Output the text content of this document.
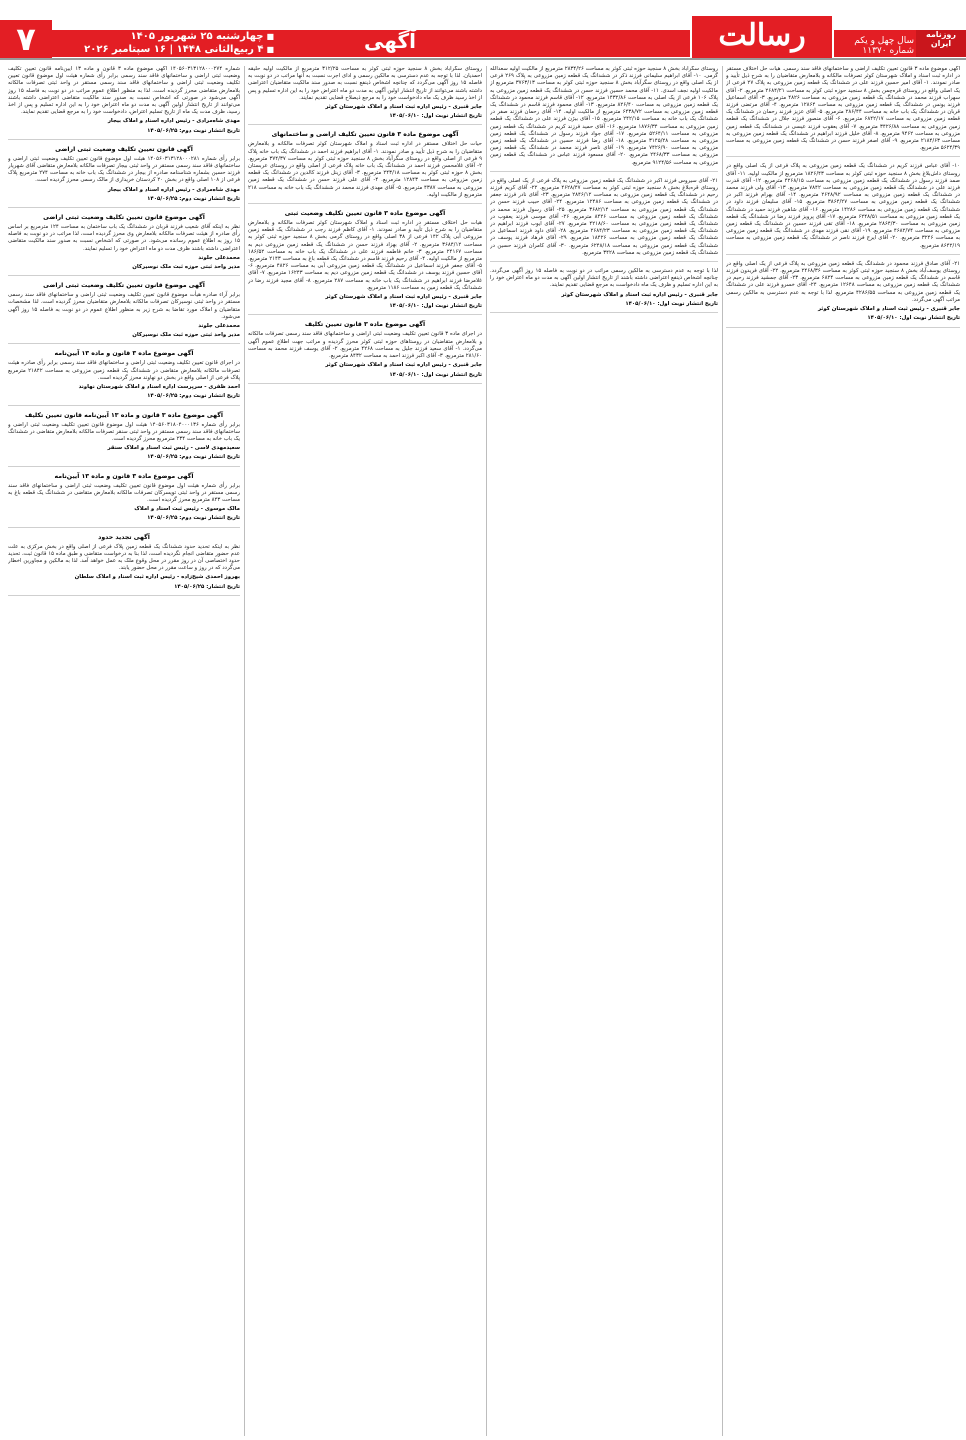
۷	■چهارشنبه ۲۵ شهریور ۱۴۰۵
■۴ ربیع‌الثانی ۱۴۴۸ | ۱۶ سپتامبر ۲۰۲۶	آگهی	رسالت	سال چهل و یکم
شماره ۱۱۳۷۰
روزنامه ایران

شماره ۱۴۰۵۶۰۳۱۳۱۲۸۰۰۰۲۷۴ آگهی موضوع ماده ۳ قانون و ماده ۱۳ آیین‌نامه قانون تعیین تکلیف وضعیت ثبتی اراضی و ساختمانهای فاقد سند رسمی برابر رأی شماره هیئت اول موضوع قانون تعیین تکلیف وضعیت ثبتی اراضی و ساختمانهای فاقد سند رسمی مستقر در واحد ثبتی تصرفات مالکانه بلامعارض متقاضی محرز گردیده است. لذا به منظور اطلاع عموم مراتب در دو نوبت به فاصله ۱۵ روز آگهی می‌شود در صورتی که اشخاص نسبت به صدور سند مالکیت متقاضی اعتراضی داشته باشند می‌توانند از تاریخ انتشار اولین آگهی به مدت دو ماه اعتراض خود را به این اداره تسلیم و پس از اخذ رسید، ظرف مدت یک ماه از تاریخ تسلیم اعتراض، دادخواست خود را به مرجع قضایی تقدیم نمایند.

مهدی شاه‌مرادی - رئیس اداره اسناد و املاک بیجار
تاریخ انتشار نوبت دوم: ۱۴۰۵/۰۶/۲۵
آگهی قانون تعیین تکلیف وضعیت ثبتی اراضی

برابر رأی شماره ۱۴۰۵۶۰۳۱۳۱۲۸۰۰۰۲۸۱ هیئت اول موضوع قانون تعیین تکلیف وضعیت ثبتی اراضی و ساختمانهای فاقد سند رسمی مستقر در واحد ثبتی بیجار تصرفات مالکانه بلامعارض متقاضی آقای شهریار فرزند حسین بشماره شناسنامه صادره از بیجار در ششدانگ یک باب خانه به مساحت ۲۷۴ مترمربع پلاک فرعی از ۱۰۸ اصلی واقع در بخش ۲۰ کردستان خریداری از مالک رسمی محرز گردیده است.

مهدی شاه‌مرادی - رئیس اداره اسناد و املاک بیجار
تاریخ انتشار نوبت دوم: ۱۴۰۵/۰۶/۲۵
آگهی موضوع قانون تعیین تکلیف وضعیت ثبتی اراضی

نظر به اینکه آقای شعیب فرزند قربان در ششدانگ یک باب ساختمان به مساحت ۱۲۴ مترمربع بر اساس رأی صادره از هیئت تصرفات مالکانه بلامعارض وی محرز گردیده است، لذا مراتب در دو نوبت به فاصله ۱۵ روز به اطلاع عموم رسانده می‌شود. در صورتی که اشخاص نسبت به صدور سند مالکیت متقاضی اعتراضی داشته باشند ظرف مدت دو ماه اعتراض خود را تسلیم نمایند.

محمدعلی جلوند
مدیر واحد ثبتی حوزه ثبت ملک نوسیرکان
آگهی موضوع قانون تعیین تکلیف وضعیت ثبتی اراضی

برابر آراء صادره هیأت موضوع قانون تعیین تکلیف وضعیت ثبتی اراضی و ساختمانهای فاقد سند رسمی مستقر در واحد ثبتی نوسیرکان تصرفات مالکانه بلامعارض متقاضیان محرز گردیده است. لذا مشخصات متقاضیان و املاک مورد تقاضا به شرح زیر به منظور اطلاع عموم در دو نوبت به فاصله ۱۵ روز آگهی می‌شود.

محمدعلی جلوند
مدیر واحد ثبتی حوزه ثبت ملک نوسیرکان
آگهی موضوع ماده ۳ قانون و ماده ۱۳ آیین‌نامه

در اجرای قانون تعیین تکلیف وضعیت ثبتی اراضی و ساختمانهای فاقد سند رسمی برابر رأی صادره هیئت تصرفات مالکانه بلامعارض متقاضی در ششدانگ یک قطعه زمین مزروعی به مساحت ۲۱۸۴۲ مترمربع پلاک فرعی از اصلی واقع در بخش دو نهاوند محرز گردیده است.

احمد ظفری - سرپرست اداره اسناد و املاک شهرستان نهاوند
تاریخ انتشار نوبت دوم: ۱۴۰۵/۰۶/۲۵
آگهی موضوع ماده ۳ قانون و ماده ۱۳ آیین‌نامه قانون تعیین تکلیف

برابر رأی شماره ۱۴۰۵۶۰۳۱۸۰۴۰۰۰۱۳۶ هیئت اول موضوع قانون تعیین تکلیف وضعیت ثبتی اراضی و ساختمانهای فاقد سند رسمی مستقر در واحد ثبتی سنقر تصرفات مالکانه بلامعارض متقاضی در ششدانگ یک باب خانه به مساحت ۲۳۴ مترمربع محرز گردیده است.

سعیدمهدی لاسی - رئیس ثبت اسناد و املاک سنقر
تاریخ انتشار نوبت دوم: ۱۴۰۵/۰۶/۲۵
آگهی موضوع ماده ۳ قانون و ماده ۱۳ آیین‌نامه

برابر رأی شماره هیئت اول موضوع قانون تعیین تکلیف وضعیت ثبتی اراضی و ساختمانهای فاقد سند رسمی مستقر در واحد ثبتی تویسرکان تصرفات مالکانه بلامعارض متقاضی در ششدانگ یک قطعه باغ به مساحت ۸۴۳ مترمربع محرز گردیده است.

مالک موسوی - رئیس ثبت اسناد و املاک
تاریخ انتشار نوبت دوم: ۱۴۰۵/۰۶/۲۵
آگهی تجدید حدود

نظر به اینکه تحدید حدود ششدانگ یک قطعه زمین پلاک فرعی از اصلی واقع در بخش مرکزی به علت عدم حضور متقاضی انجام نگردیده است، لذا بنا به درخواست متقاضی و طبق ماده ۱۵ قانون ثبت، تحدید حدود اختصاصی آن در روز مقرر در محل وقوع ملک به عمل خواهد آمد. لذا به مالکین و مجاورین اخطار می‌گردد که در روز و ساعت مقرر در محل حضور یابند.

بهروز احمدی شیخ‌زاده - رئیس اداره ثبت اسناد و املاک سلطان
تاریخ انتشار: ۱۴۰۵/۰۶/۲۵

روستای سگرآباد بخش ۸ سنجید حوزه ثبتی کوثر به مساحت ۳۱۲/۲۵ مترمربع از مالکیت اولیه حلیقه احمدیان. لذا با توجه به عدم دسترسی به مالکین رسمی و ادای اجرت نسبت به آنها مراتب در دو نوبت به فاصله ۱۵ روز آگهی می‌گردد که چنانچه اشخاص ذینفع نسبت به صدور سند مالکیت متقاضیان اعتراضی داشته باشند می‌توانند از تاریخ انتشار اولین آگهی به مدت دو ماه اعتراض خود را به این اداره تسلیم و پس از اخذ رسید ظرف یک ماه دادخواست خود را به مرجع ذیصلاح قضایی تقدیم نمایند.

جابر قنبری - رئیس اداره ثبت اسناد و املاک شهرستان کوثر
تاریخ انتشار نوبت اول: ۱۴۰۵/۰۶/۱۰
آگهی موضوع ماده ۳ قانون تعیین تکلیف اراضی و ساختمانهای

حیات حل اختلاف مستقر در اداره ثبت اسناد و املاک شهرستان کوثر تصرفات مالکانه و بلامعارض متقاضیان را به شرح ذیل تأیید و صادر نمودند. ۱- آقای ابراهیم فرزند احمد در ششدانگ یک باب خانه پلاک ۹ فرعی از اصلی واقع در روستای سگرآباد بخش ۸ سنجید حوزه ثبتی کوثر به مساحت ۳۷۴/۳۷ مترمربع. ۲- آقای غلامحسن فرزند احمد در ششدانگ یک باب خانه پلاک فرعی از اصلی واقع در روستای عربستان بخش ۸ حوزه ثبتی کوثر به مساحت ۲۴۳/۱۸ مترمربع. ۳- آقای زینل فرزند کالدین در ششدانگ یک قطعه زمین مزروعی به مساحت ۱۲۸۴۳ مترمربع. ۴- آقای علی فرزند حسن در ششدانگ یک قطعه زمین مزروعی به مساحت ۴۳۸۷ مترمربع. ۵- آقای مهدی فرزند محمد در ششدانگ یک باب خانه به مساحت ۲۱۸ مترمربع از مالکیت اولیه.

آگهی موضوع ماده ۳ قانون تعیین تکلیف وضعیت ثبتی

هیات حل اختلاف مستقر در اداره ثبت اسناد و املاک شهرستان کوثر تصرفات مالکانه و بلامعارض متقاضیان را به شرح ذیل تأیید و صادر نمودند. ۱- آقای کاظم فرزند رجب در ششدانگ یک قطعه زمین مزروعی آبی پلاک ۱۴۲ فرعی از ۳۸ اصلی واقع در روستای گرمی بخش ۸ سنجید حوزه ثبتی کوثر به مساحت ۳۶۸۴/۱۲ مترمربع. ۲- آقای بهزاد فرزند حسن در ششدانگ یک قطعه زمین مزروعی دیم به مساحت ۲۴۱۶۷ مترمربع. ۳- خانم فاطمه فرزند علی در ششدانگ یک باب خانه به مساحت ۱۸۶/۵۲ مترمربع از مالکیت اولیه. ۴- آقای رحیم فرزند قاسم در ششدانگ یک قطعه باغ به مساحت ۲۱۴۳ مترمربع. ۵- آقای جعفر فرزند اسماعیل در ششدانگ یک قطعه زمین مزروعی آبی به مساحت ۴۸۲۶ مترمربع. ۶- آقای حسین فرزند یوسف در ششدانگ یک قطعه زمین مزروعی دیم به مساحت ۱۶۲۴۳ مترمربع. ۷- آقای غلامرضا فرزند ابراهیم در ششدانگ یک باب خانه به مساحت ۲۸۷ مترمربع. ۸- آقای مجید فرزند رضا در ششدانگ یک قطعه زمین به مساحت ۱۱۸۶ مترمربع.

جابر قنبری - رئیس اداره ثبت اسناد و املاک شهرستان کوثر
تاریخ انتشار نوبت اول: ۱۴۰۵/۰۶/۱۰
آگهی موضوع ماده ۳ قانون تعیین تکلیف

در اجرای ماده ۳ قانون تعیین تکلیف وضعیت ثبتی اراضی و ساختمانهای فاقد سند رسمی تصرفات مالکانه و بلامعارض متقاضیان در روستاهای حوزه ثبتی کوثر محرز گردیده و مراتب جهت اطلاع عموم آگهی می‌گردد. ۱- آقای سعید فرزند جلیل به مساحت ۴۲۶۸ مترمربع. ۲- آقای یوسف فرزند محمد به مساحت ۲۸۱/۶۰ مترمربع. ۳- آقای اکبر فرزند احمد به مساحت ۸۴۳۲ مترمربع.

جابر قنبری - رئیس اداره ثبت اسناد و املاک شهرستان کوثر
تاریخ انتشار نوبت اول: ۱۴۰۵/۰۶/۱۰

روستای سگرآباد بخش ۸ سنجید حوزه ثبتی کوثر به مساحت ۲۸۳۴/۲۶ مترمربع از مالکیت اولیه سعدالله گرمی. ۱۰- آقای ابراهیم سلیمانی فرزند ذکر در ششدانگ یک قطعه زمین مزروعی به پلاک ۲۶۹ فرعی از یک اصلی واقع در روستای سگرآباد بخش ۸ سنجید حوزه ثبتی کوثر به مساحت ۳۷۶۳/۱۳ مترمربع از مالکیت اولیه نجف اسدی. ۱۱- آقای محمد حسین فرزند حسن در ششدانگ یک قطعه زمین مزروعی به پلاک ۱۰۶ فرعی از یک اصلی به مساحت ۱۴۳۲/۸۶ مترمربع. ۱۲- آقای قاسم فرزند محمود در ششدانگ یک قطعه زمین مزروعی به مساحت ۸۲۶/۴۰ مترمربع. ۱۳- آقای محمود فرزند قاسم در ششدانگ یک قطعه زمین مزروعی به مساحت ۶۴۳۸/۷۲ مترمربع از مالکیت اولیه. ۱۴- آقای رحمان فرزند صفر در ششدانگ یک باب خانه به مساحت ۲۴۲/۱۵ مترمربع. ۱۵- آقای بیژن فرزند علی در ششدانگ یک قطعه زمین مزروعی به مساحت ۱۸۷۶/۳۴ مترمربع. ۱۶- آقای حمید فرزند کریم در ششدانگ یک قطعه زمین مزروعی به مساحت ۵۲۶۴/۱۱ مترمربع. ۱۷- آقای جواد فرزند رسول در ششدانگ یک قطعه زمین مزروعی به مساحت ۳۱۴۵/۲۸ مترمربع. ۱۸- آقای رضا فرزند حسین در ششدانگ یک قطعه زمین مزروعی به مساحت ۷۴۲۶/۹۰ مترمربع. ۱۹- آقای ناصر فرزند محمد در ششدانگ یک قطعه زمین مزروعی به مساحت ۲۴۶۸/۳۳ مترمربع. ۲۰- آقای مسعود فرزند عباس در ششدانگ یک قطعه زمین مزروعی به مساحت ۹۱۲۴/۵۶ مترمربع.

۲۱- آقای سیروس فرزند اکبر در ششدانگ یک قطعه زمین مزروعی به پلاک فرعی از یک اصلی واقع در روستای قره‌بلاغ بخش ۸ سنجید حوزه ثبتی کوثر به مساحت ۴۶۲۸/۴۷ مترمربع. ۲۲- آقای کریم فرزند رحیم در ششدانگ یک قطعه زمین مزروعی به مساحت ۲۸۴۶/۱۲ مترمربع. ۲۳- آقای نادر فرزند جعفر در ششدانگ یک قطعه زمین مزروعی به مساحت ۱۲۴۸۶ مترمربع. ۲۴- آقای حبیب فرزند حسن در ششدانگ یک قطعه زمین مزروعی به مساحت ۳۶۸۲/۱۴ مترمربع. ۲۵- آقای رسول فرزند محمد در ششدانگ یک قطعه زمین مزروعی به مساحت ۸۴۲۶ مترمربع. ۲۶- آقای موسی فرزند یعقوب در ششدانگ یک قطعه زمین مزروعی به مساحت ۴۲۱۸/۶۰ مترمربع. ۲۷- آقای ایوب فرزند ابراهیم در ششدانگ یک قطعه زمین مزروعی به مساحت ۲۶۸۴/۲۳ مترمربع. ۲۸- آقای داود فرزند اسماعیل در ششدانگ یک قطعه زمین مزروعی به مساحت ۱۸۴۲۶ مترمربع. ۲۹- آقای فرهاد فرزند یوسف در ششدانگ یک قطعه زمین مزروعی به مساحت ۶۲۴۸/۱۸ مترمربع. ۳۰- آقای کامران فرزند حسین در ششدانگ یک قطعه زمین مزروعی به مساحت ۳۴۲۸ مترمربع.

لذا با توجه به عدم دسترسی به مالکین رسمی مراتب در دو نوبت به فاصله ۱۵ روز آگهی می‌گردد. چنانچه اشخاص ذینفع اعتراضی داشته باشند از تاریخ انتشار اولین آگهی به مدت دو ماه اعتراض خود را به این اداره تسلیم و ظرف یک ماه دادخواست به مرجع قضایی تقدیم نمایند.

جابر قنبری - رئیس اداره ثبت اسناد و املاک شهرستان کوثر
تاریخ انتشار نوبت اول: ۱۴۰۵/۰۶/۱۰

آگهی موضوع ماده ۳ قانون تعیین تکلیف اراضی و ساختمانهای فاقد سند رسمی. هیات حل اختلاف مستقر در اداره ثبت اسناد و املاک شهرستان کوثر تصرفات مالکانه و بلامعارض متقاضیان را به شرح ذیل تأیید و صادر نمودند. ۱- آقای امیر حسین فرزند علی در ششدانگ یک قطعه زمین مزروعی به پلاک ۲۷ فرعی از یک اصلی واقع در روستای قره‌چمن بخش ۸ سنجید حوزه ثبتی کوثر به مساحت ۲۶۸۴/۲۱ مترمربع. ۲- آقای سهراب فرزند محمد در ششدانگ یک قطعه زمین مزروعی به مساحت ۴۸۲۶ مترمربع. ۳- آقای اسماعیل فرزند یونس در ششدانگ یک قطعه زمین مزروعی به مساحت ۱۲۸۶۴ مترمربع. ۴- آقای مرتضی فرزند قربان در ششدانگ یک باب خانه به مساحت ۲۸۶/۴۴ مترمربع. ۵- آقای عزیز فرزند رحمان در ششدانگ یک قطعه زمین مزروعی به مساحت ۶۸۴۲/۱۷ مترمربع. ۶- آقای منصور فرزند جلال در ششدانگ یک قطعه زمین مزروعی به مساحت ۳۴۲۶/۸۸ مترمربع. ۷- آقای یعقوب فرزند عیسی در ششدانگ یک قطعه زمین مزروعی به مساحت ۹۴۶۲ مترمربع. ۸- آقای خلیل فرزند ابراهیم در ششدانگ یک قطعه زمین مزروعی به مساحت ۲۱۸۴/۶۳ مترمربع. ۹- آقای اصغر فرزند حسن در ششدانگ یک قطعه زمین مزروعی به مساحت ۵۶۲۴/۳۹ مترمربع.

۱۰- آقای عباس فرزند کریم در ششدانگ یک قطعه زمین مزروعی به پلاک فرعی از یک اصلی واقع در روستای داش‌بلاغ بخش ۸ سنجید حوزه ثبتی کوثر به مساحت ۱۸۲۶/۴۳ مترمربع از مالکیت اولیه. ۱۱- آقای صمد فرزند رسول در ششدانگ یک قطعه زمین مزروعی به مساحت ۴۲۶۸/۱۵ مترمربع. ۱۲- آقای قدرت فرزند علی در ششدانگ یک قطعه زمین مزروعی به مساحت ۷۸۴۲ مترمربع. ۱۳- آقای ولی فرزند محمد در ششدانگ یک قطعه زمین مزروعی به مساحت ۲۶۴۸/۹۲ مترمربع. ۱۴- آقای بهرام فرزند اکبر در ششدانگ یک قطعه زمین مزروعی به مساحت ۳۸۶۴/۲۷ مترمربع. ۱۵- آقای سلیمان فرزند داود در ششدانگ یک قطعه زمین مزروعی به مساحت ۱۴۲۸۶ مترمربع. ۱۶- آقای شاهین فرزند حمید در ششدانگ یک قطعه زمین مزروعی به مساحت ۶۲۴۸/۵۱ مترمربع. ۱۷- آقای پرویز فرزند رضا در ششدانگ یک قطعه زمین مزروعی به مساحت ۲۸۶۴/۳۰ مترمربع. ۱۸- آقای تقی فرزند حسین در ششدانگ یک قطعه زمین مزروعی به مساحت ۴۶۸۲/۷۴ مترمربع. ۱۹- آقای نقی فرزند مهدی در ششدانگ یک قطعه زمین مزروعی به مساحت ۳۲۴۶ مترمربع. ۲۰- آقای ایرج فرزند ناصر در ششدانگ یک قطعه زمین مزروعی به مساحت ۸۶۴۲/۱۹ مترمربع.

۲۱- آقای صادق فرزند محمود در ششدانگ یک قطعه زمین مزروعی به پلاک فرعی از یک اصلی واقع در روستای یوسف‌آباد بخش ۸ سنجید حوزه ثبتی کوثر به مساحت ۲۴۶۸/۳۶ مترمربع. ۲۲- آقای فریدون فرزند قاسم در ششدانگ یک قطعه زمین مزروعی به مساحت ۶۸۲۴ مترمربع. ۲۳- آقای جمشید فرزند رحیم در ششدانگ یک قطعه زمین مزروعی به مساحت ۱۲۶۴۸ مترمربع. ۲۴- آقای خسرو فرزند علی در ششدانگ یک قطعه زمین مزروعی به مساحت ۴۲۸۶/۵۵ مترمربع. لذا با توجه به عدم دسترسی به مالکین رسمی مراتب آگهی می‌گردد.

جابر قنبری - رئیس ثبت اسناد و املاک شهرستان کوثر
تاریخ انتشار نوبت اول: ۱۴۰۵/۰۶/۱۰
